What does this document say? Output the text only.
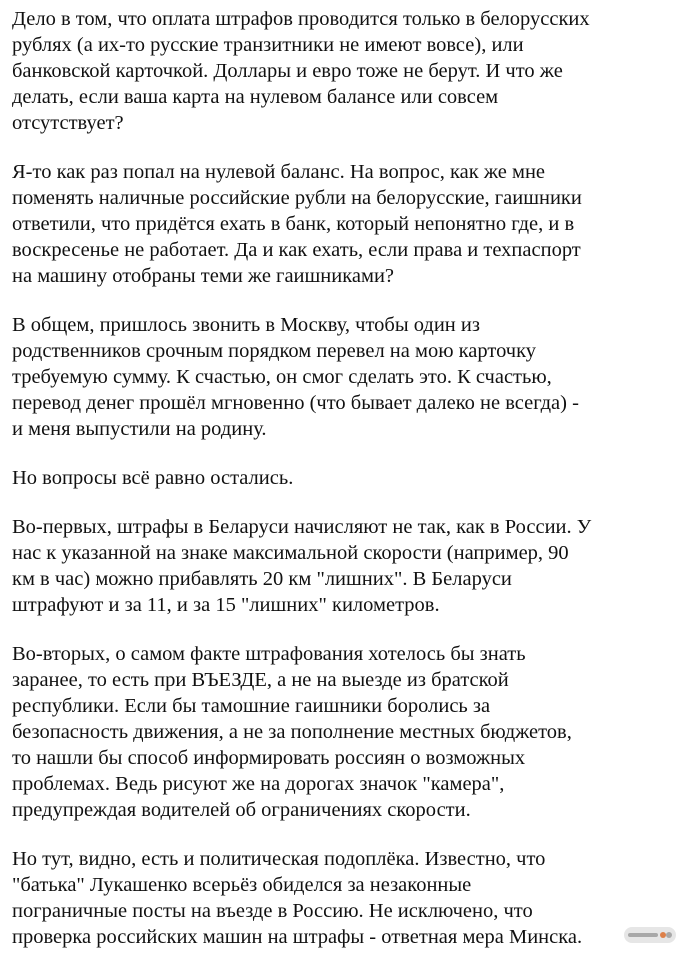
Дело в том, что оплата штрафов проводится только в белорусских
рублях (а их-то русские транзитники не имеют вовсе), или
банковской карточкой. Доллары и евро тоже не берут. И что же
делать, если ваша карта на нулевом балансе или совсем
отсутствует?
Я-то как раз попал на нулевой баланс. На вопрос, как же мне
поменять наличные российские рубли на белорусские, гаишники
ответили, что придётся ехать в банк, который непонятно где, и в
воскресенье не работает. Да и как ехать, если права и техпаспорт
на машину отобраны теми же гаишниками?
В общем, пришлось звонить в Москву, чтобы один из
родственников срочным порядком перевел на мою карточку
требуемую сумму. К счастью, он смог сделать это. К счастью,
перевод денег прошёл мгновенно (что бывает далеко не всегда) -
и меня выпустили на родину.
Но вопросы всё равно остались.
Во-первых, штрафы в Беларуси начисляют не так, как в России. У
нас к указанной на знаке максимальной скорости (например, 90
км в час) можно прибавлять 20 км "лишних". В Беларуси
штрафуют и за 11, и за 15 "лишних" километров.
Во-вторых, о самом факте штрафования хотелось бы знать
заранее, то есть при ВЪЕЗДЕ, а не на выезде из братской
республики. Если бы тамошние гаишники боролись за
безопасность движения, а не за пополнение местных бюджетов,
то нашли бы способ информировать россиян о возможных
проблемах. Ведь рисуют же на дорогах значок "камера",
предупреждая водителей об ограничениях скорости.
Но тут, видно, есть и политическая подоплёка. Известно, что
"батька" Лукашенко всерьёз обиделся за незаконные
пограничные посты на въезде в Россию. Не исключено, что
проверка российских машин на штрафы - ответная мера Минска.
